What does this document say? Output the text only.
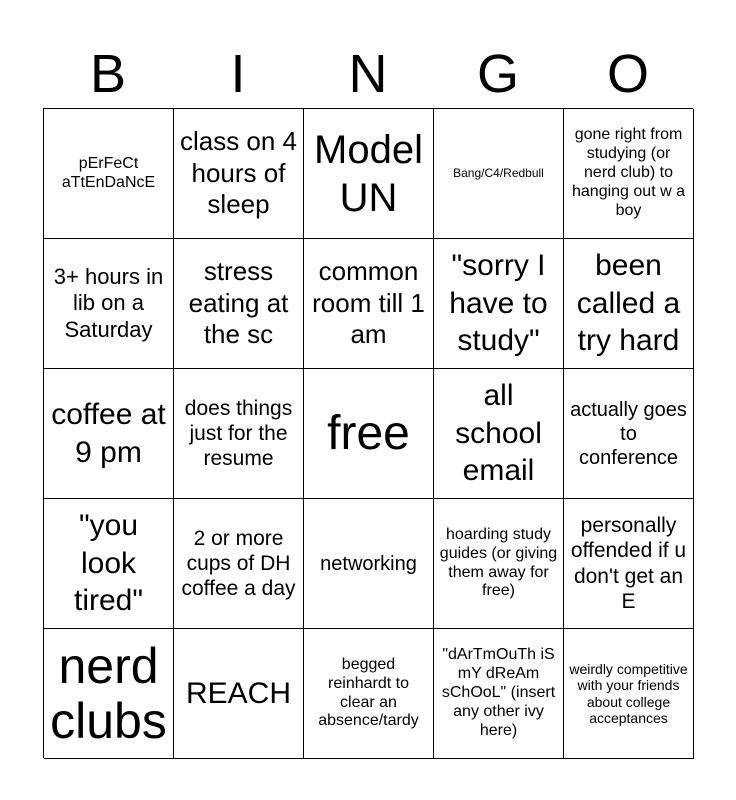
B	I	N	G	O
pErFeCt aTtEnDaNcE
class on 4 hours of sleep
Model UN
Bang/C4/Redbull
gone right from studying (or nerd club) to hanging out w a boy
3+ hours in lib on a Saturday
stress eating at the sc
common room till 1 am
"sorry I have to study"
been called a try hard
coffee at 9 pm
does things just for the resume	free
all school email
actually goes to conference
"you look tired"
2 or more cups of DH coffee a day
networking
hoarding study guides (or giving them away for free)
personally offended if u don't get an E
nerd clubs REACH
begged reinhardt to clear an absence/tardy
"dArTmOuTh iS mY dReAm sChOoL" (insert any other ivy here)
weirdly competitive with your friends about college acceptances
